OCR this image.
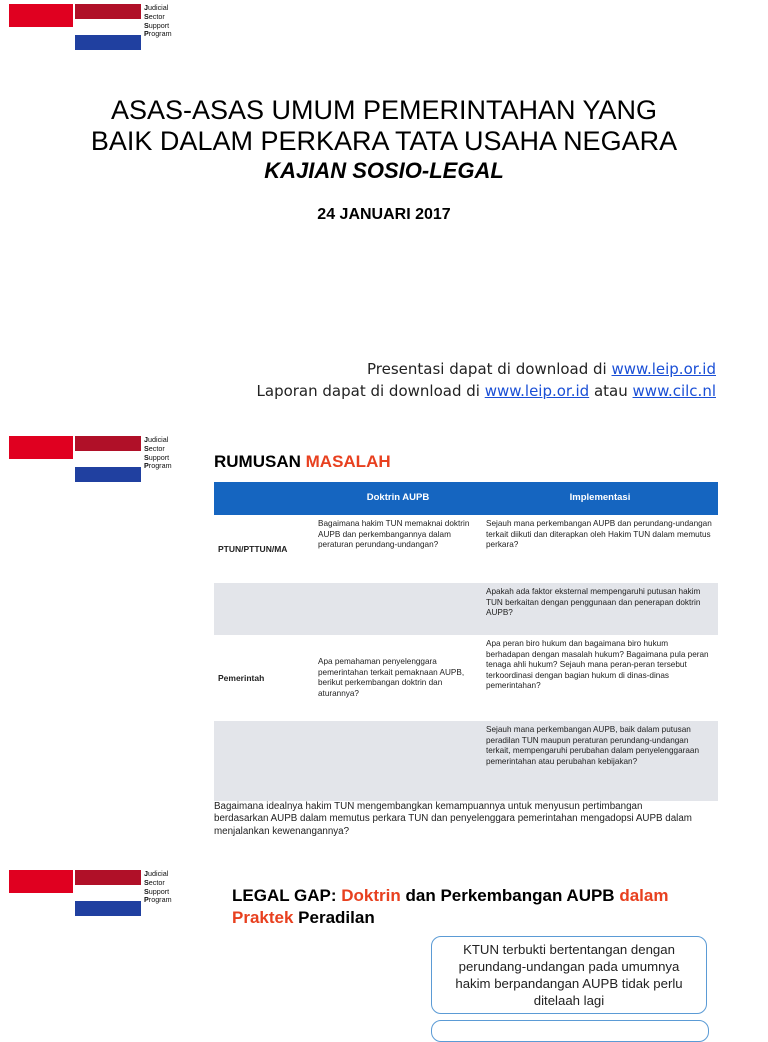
Judicial
Sector
Support
Program
ASAS-ASAS UMUM PEMERINTAHAN YANG
BAIK DALAM PERKARA TATA USAHA NEGARA
KAJIAN SOSIO-LEGAL
24 JANUARI 2017
Presentasi dapat di download di www.leip.or.id
Laporan dapat di download di www.leip.or.id atau www.cilc.nl
Judicial
Sector
Support
Program	RUMUSAN MASALAH
	Doktrin AUPB	Implementasi
PTUN/PTTUN/MA	Bagaimana hakim TUN memaknai doktrin AUPB dan perkembangannya dalam peraturan perundang-undangan?	Sejauh mana perkembangan AUPB dan perundang-undangan terkait diikuti dan diterapkan oleh Hakim TUN dalam memutus perkara?
		Apakah ada faktor eksternal mempengaruhi putusan hakim TUN berkaitan dengan penggunaan dan penerapan doktrin AUPB?
Pemerintah	Apa pemahaman penyelenggara pemerintahan terkait pemaknaan AUPB, berikut perkembangan doktrin dan aturannya?	Apa peran biro hukum dan bagaimana biro hukum berhadapan dengan masalah hukum? Bagaimana pula peran tenaga ahli hukum? Sejauh mana peran-peran tersebut terkoordinasi dengan bagian hukum di dinas-dinas pemerintahan?
		Sejauh mana perkembangan AUPB, baik dalam putusan peradilan TUN maupun peraturan perundang-undangan terkait, mempengaruhi perubahan dalam penyelenggaraan pemerintahan atau perubahan kebijakan?
Bagaimana idealnya hakim TUN mengembangkan kemampuannya untuk menyusun pertimbangan berdasarkan AUPB dalam memutus perkara TUN dan penyelenggara pemerintahan mengadopsi AUPB dalam menjalankan kewenangannya?
Judicial
Sector
Support
Program	LEGAL GAP: Doktrin dan Perkembangan AUPB dalam
Praktek Peradilan
KTUN terbukti bertentangan dengan perundang-undangan pada umumnya hakim berpandangan AUPB tidak perlu ditelaah lagi
